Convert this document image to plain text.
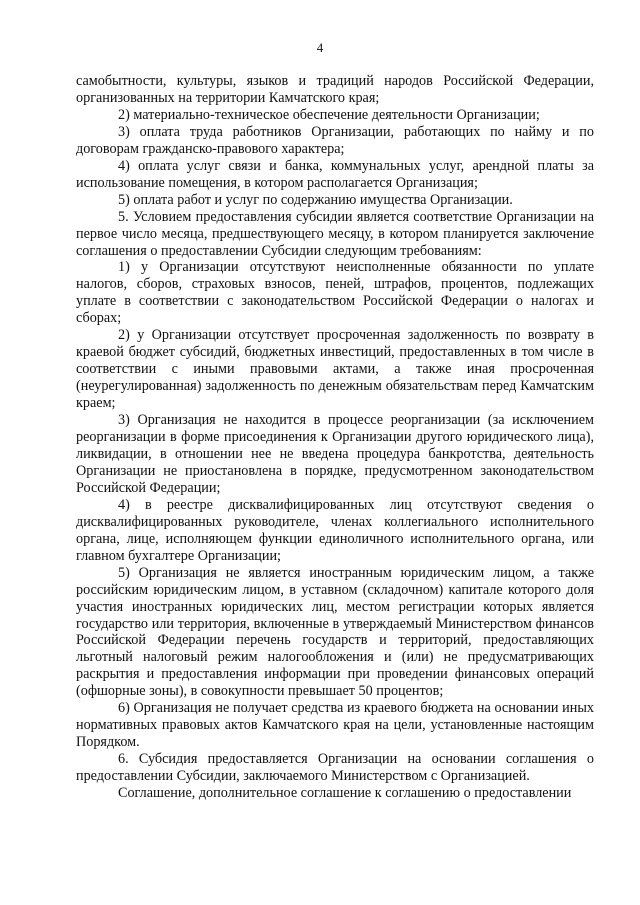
4

самобытности, культуры, языков и традиций народов Российской Федерации, организованных на территории Камчатского края;

2) материально-техническое обеспечение деятельности Организации;

3) оплата труда работников Организации, работающих по найму и по договорам гражданско-правового характера;

4) оплата услуг связи и банка, коммунальных услуг, арендной платы за использование помещения, в котором располагается Организация;

5) оплата работ и услуг по содержанию имущества Организации.

5. Условием предоставления субсидии является соответствие Организации на первое число месяца, предшествующего месяцу, в котором планируется заключение соглашения о предоставлении Субсидии следующим требованиям:

1) у Организации отсутствуют неисполненные обязанности по уплате налогов, сборов, страховых взносов, пеней, штрафов, процентов, подлежащих уплате в соответствии с законодательством Российской Федерации о налогах и сборах;

2) у Организации отсутствует просроченная задолженность по возврату в краевой бюджет субсидий, бюджетных инвестиций, предоставленных в том числе в соответствии с иными правовыми актами, а также иная просроченная (неурегулированная) задолженность по денежным обязательствам перед Камчатским краем;

3) Организация не находится в процессе реорганизации (за исключением реорганизации в форме присоединения к Организации другого юридического лица), ликвидации, в отношении нее не введена процедура банкротства, деятельность Организации не приостановлена в порядке, предусмотренном законодательством Российской Федерации;

4) в реестре дисквалифицированных лиц отсутствуют сведения о дисквалифицированных руководителе, членах коллегиального исполнительного органа, лице, исполняющем функции единоличного исполнительного органа, или главном бухгалтере Организации;

5) Организация не является иностранным юридическим лицом, а также российским юридическим лицом, в уставном (складочном) капитале которого доля участия иностранных юридических лиц, местом регистрации которых является государство или территория, включенные в утверждаемый Министерством финансов Российской Федерации перечень государств и территорий, предоставляющих льготный налоговый режим налогообложения и (или) не предусматривающих раскрытия и предоставления информации при проведении финансовых операций (офшорные зоны), в совокупности превышает 50 процентов;

6) Организация не получает средства из краевого бюджета на основании иных нормативных правовых актов Камчатского края на цели, установленные настоящим Порядком.

6. Субсидия предоставляется Организации на основании соглашения о предоставлении Субсидии, заключаемого Министерством с Организацией.

Соглашение, дополнительное соглашение к соглашению о предоставлении
